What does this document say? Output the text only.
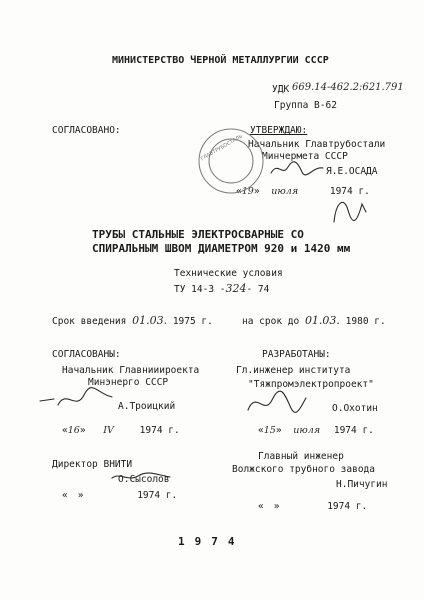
МИНИСТЕРСТВО ЧЕРНОЙ МЕТАЛЛУРГИИ СССР
УДК 669.14-462.2:621.791
Группа В-62
СОГЛАСОВАНО:	УТВЕРЖДАЮ:
Начальник Главтрубостали
Минчермета СССР
Я.Е.ОСАДА
«19» июля	1974 г.
ГЛАВТРУБОСТАЛЬ
ТРУБЫ СТАЛЬНЫЕ ЭЛЕКТРОСВАРНЫЕ СО
СПИРАЛЬНЫМ ШВОМ ДИАМЕТРОМ 920 и 1420 мм
Технические условия
ТУ 14-3 -324- 74
Срок введения 01.03. 1975 г.	на срок до 01.03. 1980 г.
СОГЛАСОВАНЫ:
Начальник Главнииироекта
Минэнерго СССР
А.Троицкий
«16» IV	1974 г.
РАЗРАБОТАНЫ:
Гл.инженер института
"Тяжпромэлектропроект"
О.Охотин
«15» июля 1974 г.
Директор ВНИТИ
О.Сысолов
« »	1974 г.
Главный инженер
Волжского трубного завода
Н.Пичугин
« »	1974 г.
1974
